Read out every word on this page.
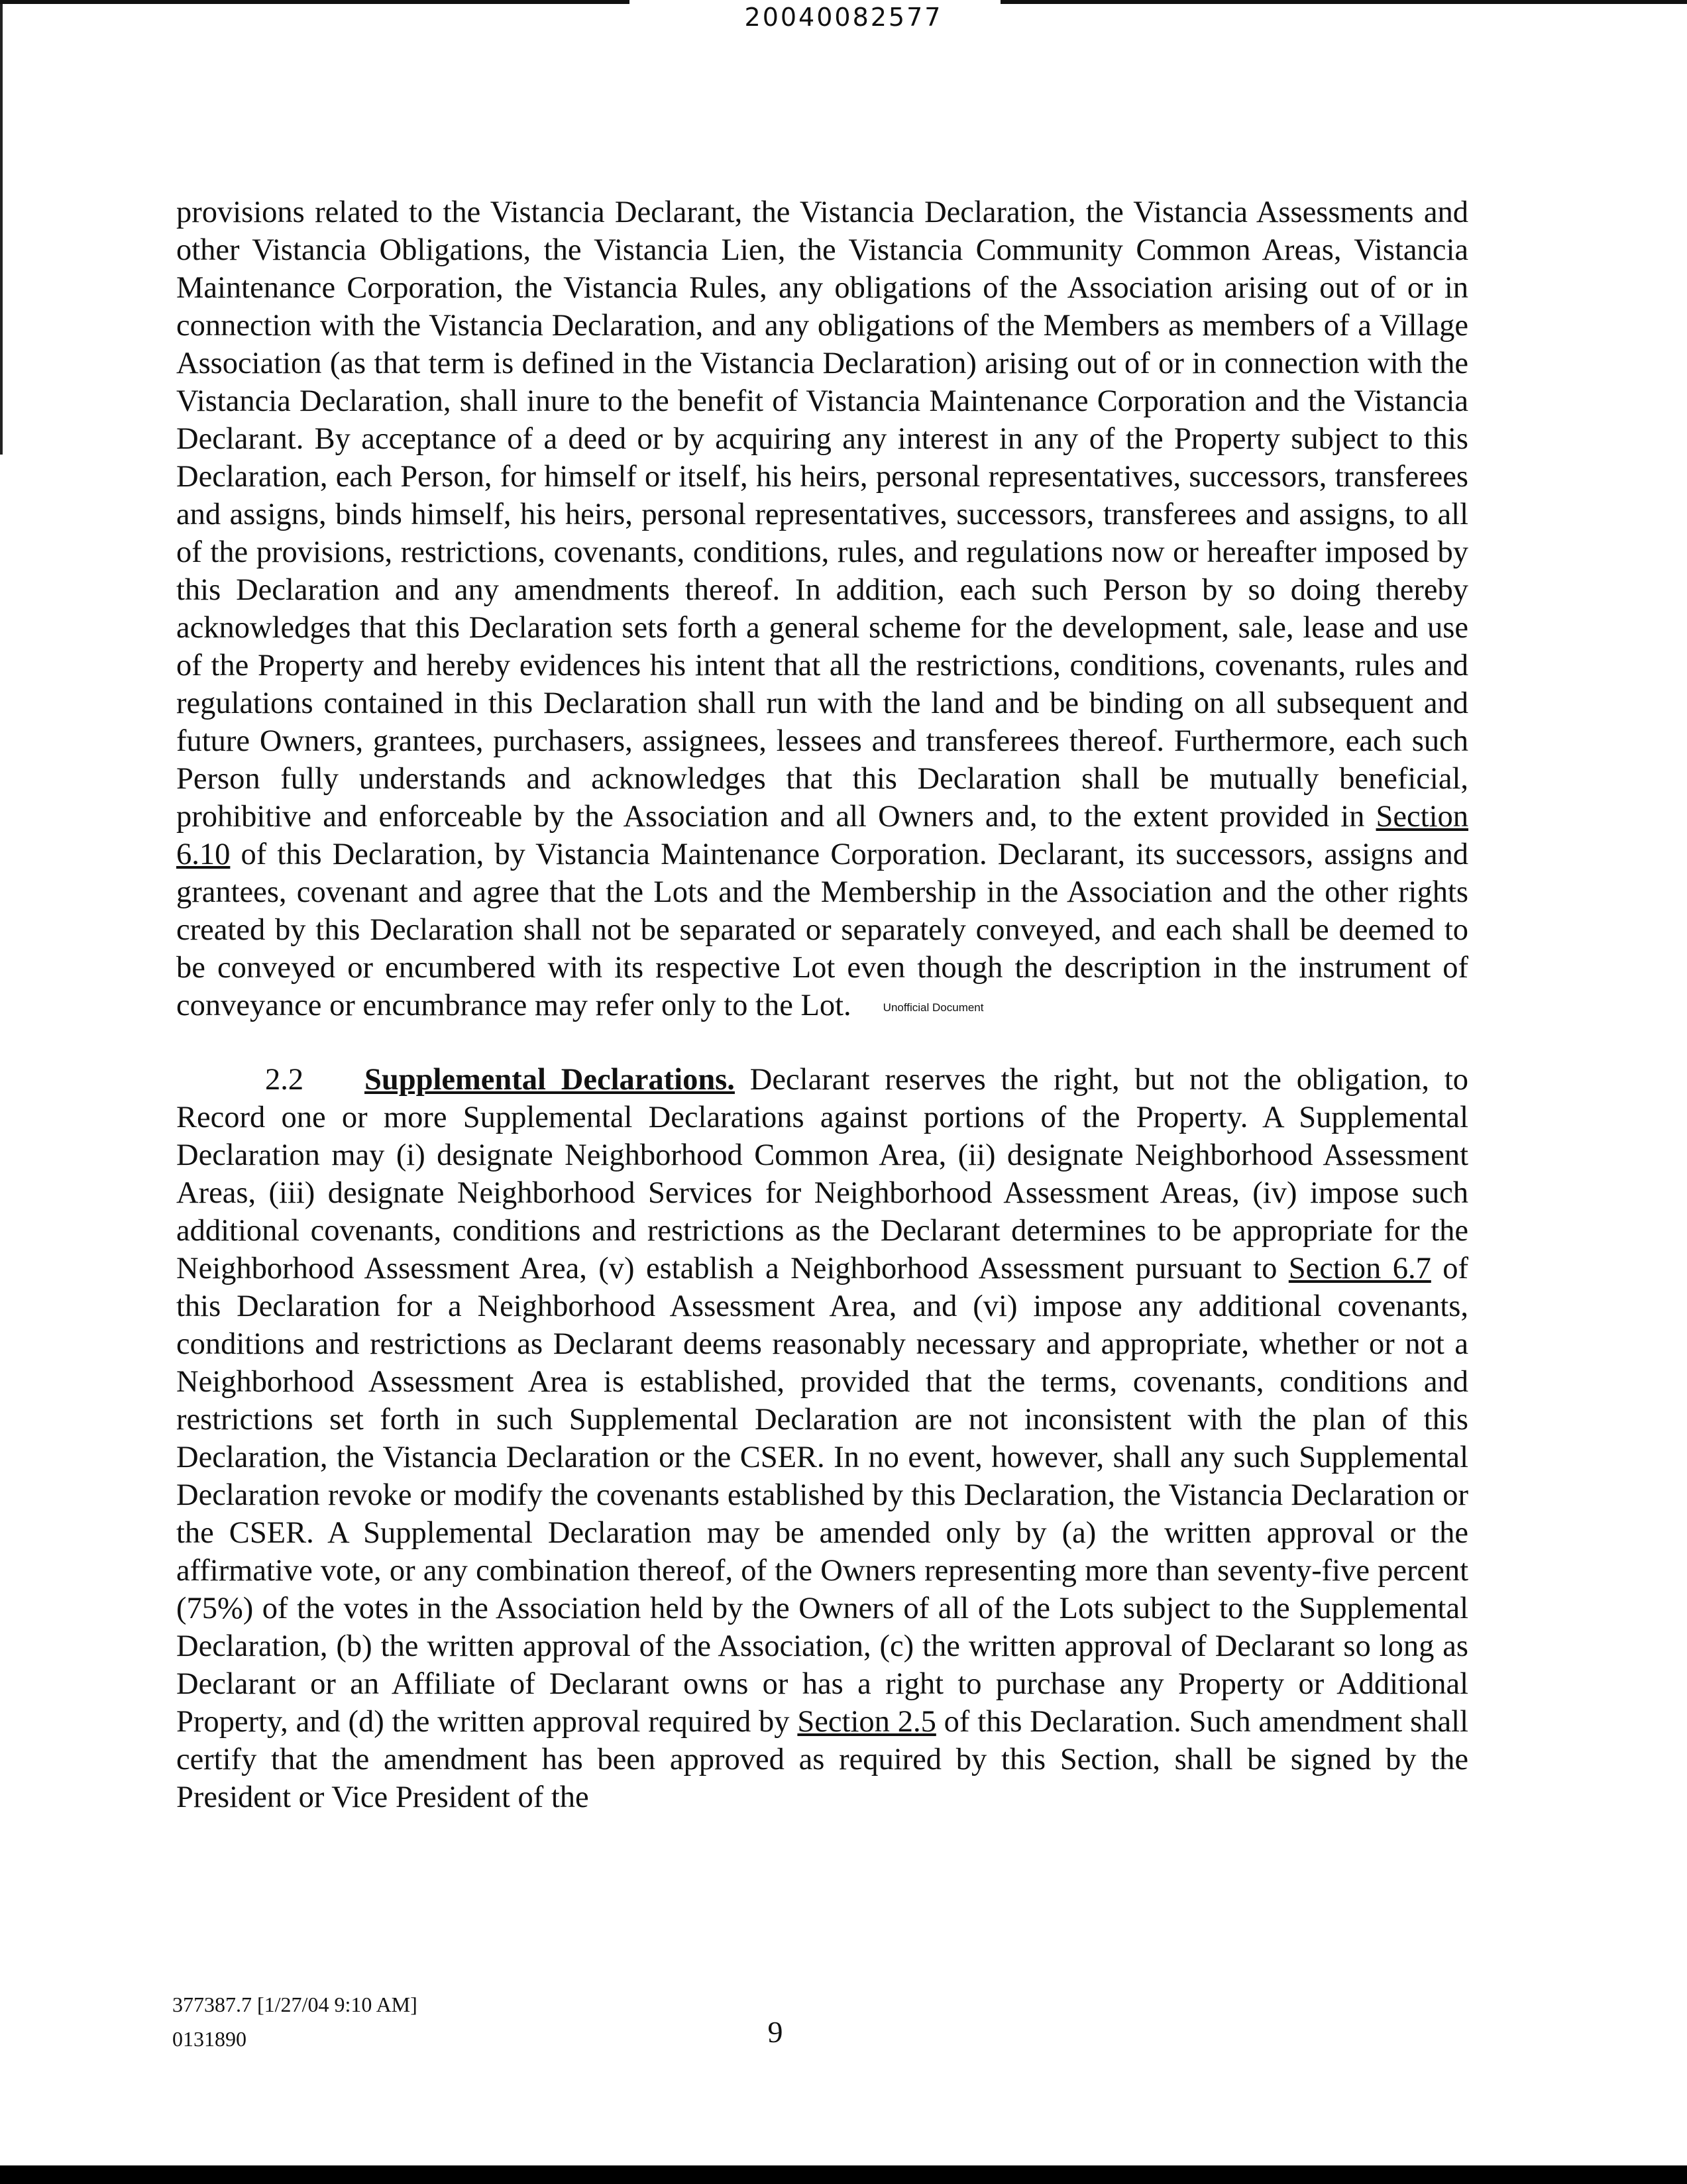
20040082577

provisions related to the Vistancia Declarant, the Vistancia Declaration, the Vistancia Assessments and other Vistancia Obligations, the Vistancia Lien, the Vistancia Community Common Areas, Vistancia Maintenance Corporation, the Vistancia Rules, any obligations of the Association arising out of or in connection with the Vistancia Declaration, and any obligations of the Members as members of a Village Association (as that term is defined in the Vistancia Declaration) arising out of or in connection with the Vistancia Declaration, shall inure to the benefit of Vistancia Maintenance Corporation and the Vistancia Declarant. By acceptance of a deed or by acquiring any interest in any of the Property subject to this Declaration, each Person, for himself or itself, his heirs, personal representatives, successors, transferees and assigns, binds himself, his heirs, personal representatives, successors, transferees and assigns, to all of the provisions, restrictions, covenants, conditions, rules, and regulations now or hereafter imposed by this Declaration and any amendments thereof. In addition, each such Person by so doing thereby acknowledges that this Declaration sets forth a general scheme for the development, sale, lease and use of the Property and hereby evidences his intent that all the restrictions, conditions, covenants, rules and regulations contained in this Declaration shall run with the land and be binding on all subsequent and future Owners, grantees, purchasers, assignees, lessees and transferees thereof. Furthermore, each such Person fully understands and acknowledges that this Declaration shall be mutually beneficial, prohibitive and enforceable by the Association and all Owners and, to the extent provided in Section 6.10 of this Declaration, by Vistancia Maintenance Corporation. Declarant, its successors, assigns and grantees, covenant and agree that the Lots and the Membership in the Association and the other rights created by this Declaration shall not be separated or separately conveyed, and each shall be deemed to be conveyed or encumbered with its respective Lot even though the description in the instrument of conveyance or encumbrance may refer only to the Lot.	Unofficial Document

2.2 Supplemental Declarations. Declarant reserves the right, but not the obligation, to Record one or more Supplemental Declarations against portions of the Property. A Supplemental Declaration may (i) designate Neighborhood Common Area, (ii) designate Neighborhood Assessment Areas, (iii) designate Neighborhood Services for Neighborhood Assessment Areas, (iv) impose such additional covenants, conditions and restrictions as the Declarant determines to be appropriate for the Neighborhood Assessment Area, (v) establish a Neighborhood Assessment pursuant to Section 6.7 of this Declaration for a Neighborhood Assessment Area, and (vi) impose any additional covenants, conditions and restrictions as Declarant deems reasonably necessary and appropriate, whether or not a Neighborhood Assessment Area is established, provided that the terms, covenants, conditions and restrictions set forth in such Supplemental Declaration are not inconsistent with the plan of this Declaration, the Vistancia Declaration or the CSER. In no event, however, shall any such Supplemental Declaration revoke or modify the covenants established by this Declaration, the Vistancia Declaration or the CSER. A Supplemental Declaration may be amended only by (a) the written approval or the affirmative vote, or any combination thereof, of the Owners representing more than seventy-five percent (75%) of the votes in the Association held by the Owners of all of the Lots subject to the Supplemental Declaration, (b) the written approval of the Association, (c) the written approval of Declarant so long as Declarant or an Affiliate of Declarant owns or has a right to purchase any Property or Additional Property, and (d) the written approval required by Section 2.5 of this Declaration. Such amendment shall certify that the amendment has been approved as required by this Section, shall be signed by the President or Vice President of the

377387.7 [1/27/04 9:10 AM]
0131890	9
